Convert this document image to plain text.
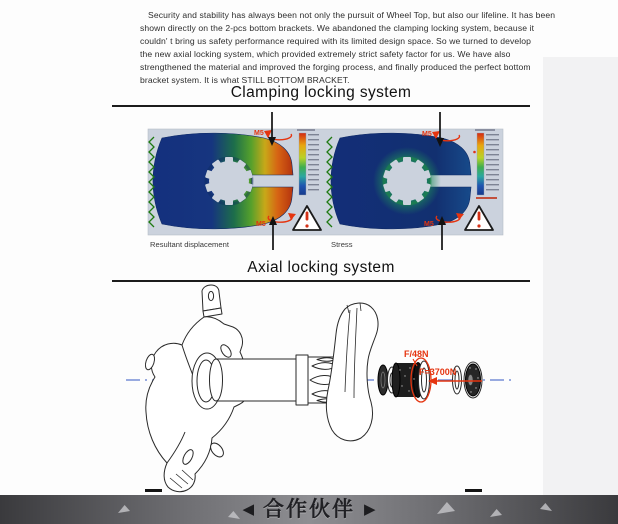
Security and stability has always been not only the pursuit of Wheel Top, but also our lifeline. It has been
shown directly on the 2-pcs bottom brackets. We abandoned the clamping locking system, because it
couldn' t bring us safety performance required with its limited design space. So we turned to develop
the new axial locking system, which provided extremely strict safety factor for us. We have also
strengthened the material and improved the forging process, and finally produced the perfect bottom
bracket system. It is what STILL BOTTOM BRACKET.
Clamping locking system
M5
M5
M5
M5
Resultant displacement	Stress
Axial locking system
F/48N
F=3700N
◀ 合作伙伴 ▶
